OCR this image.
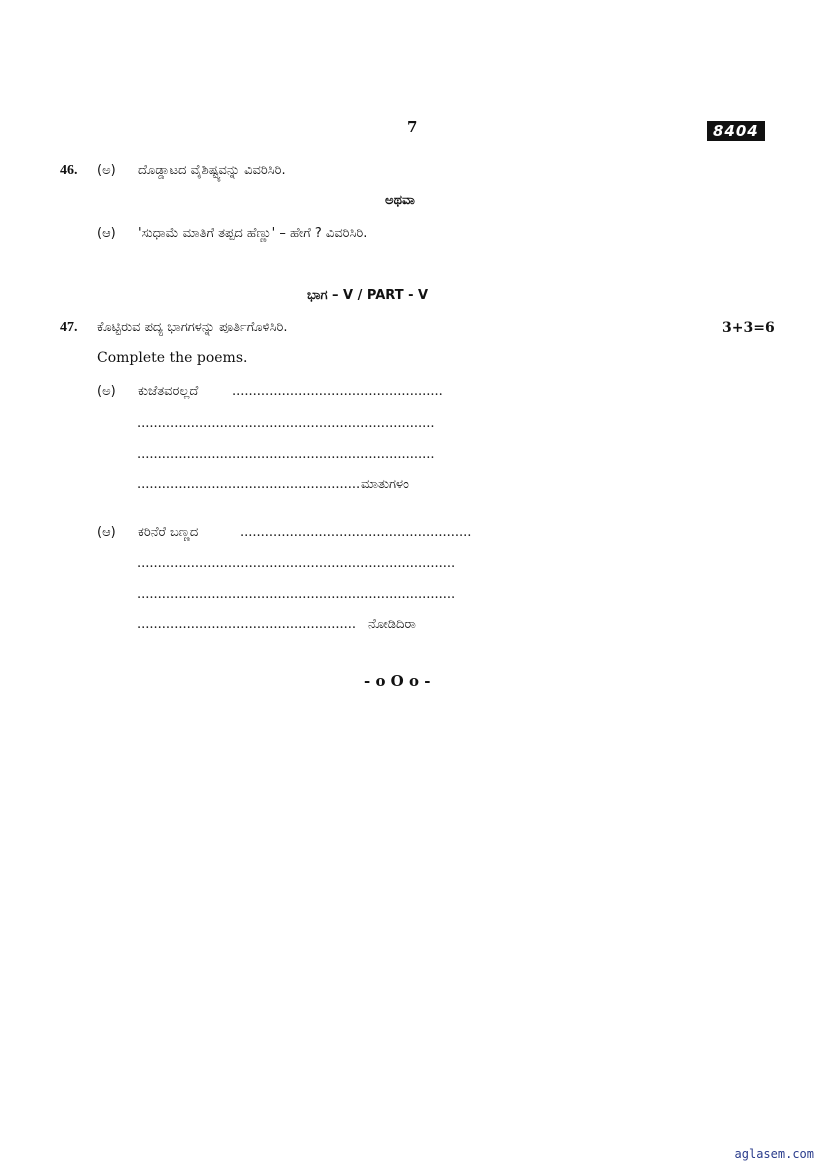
7	8404
46. (ಅ) ದೊಡ್ಡಾಟದ ವೈಶಿಷ್ಟ್ಯವನ್ನು ವಿವರಿಸಿರಿ.
ಅಥವಾ
(ಆ) 'ಸುಧಾಮೆ ಮಾತಿಗೆ ತಪ್ಪದ ಹೆಣ್ಣು' – ಹೇಗೆ ? ವಿವರಿಸಿರಿ.
ಭಾಗ – V / PART - V
47. ಕೊಟ್ಟಿರುವ ಪದ್ಯ ಭಾಗಗಳನ್ನು ಪೂರ್ತಿಗೊಳಿಸಿರಿ.	3+3=6
Complete the poems.
(ಅ) ಕುಜೆತವರಲ್ಲದೆ	...................................................
........................................................................
........................................................................
...................................................... ಮಾತುಗಳಂ
(ಆ) ಕರಿನೆರೆ ಬಣ್ಣದ	........................................................
.............................................................................
.............................................................................
..................................................... ನೋಡಿದಿರಾ
- o O o -
aglasem.com
